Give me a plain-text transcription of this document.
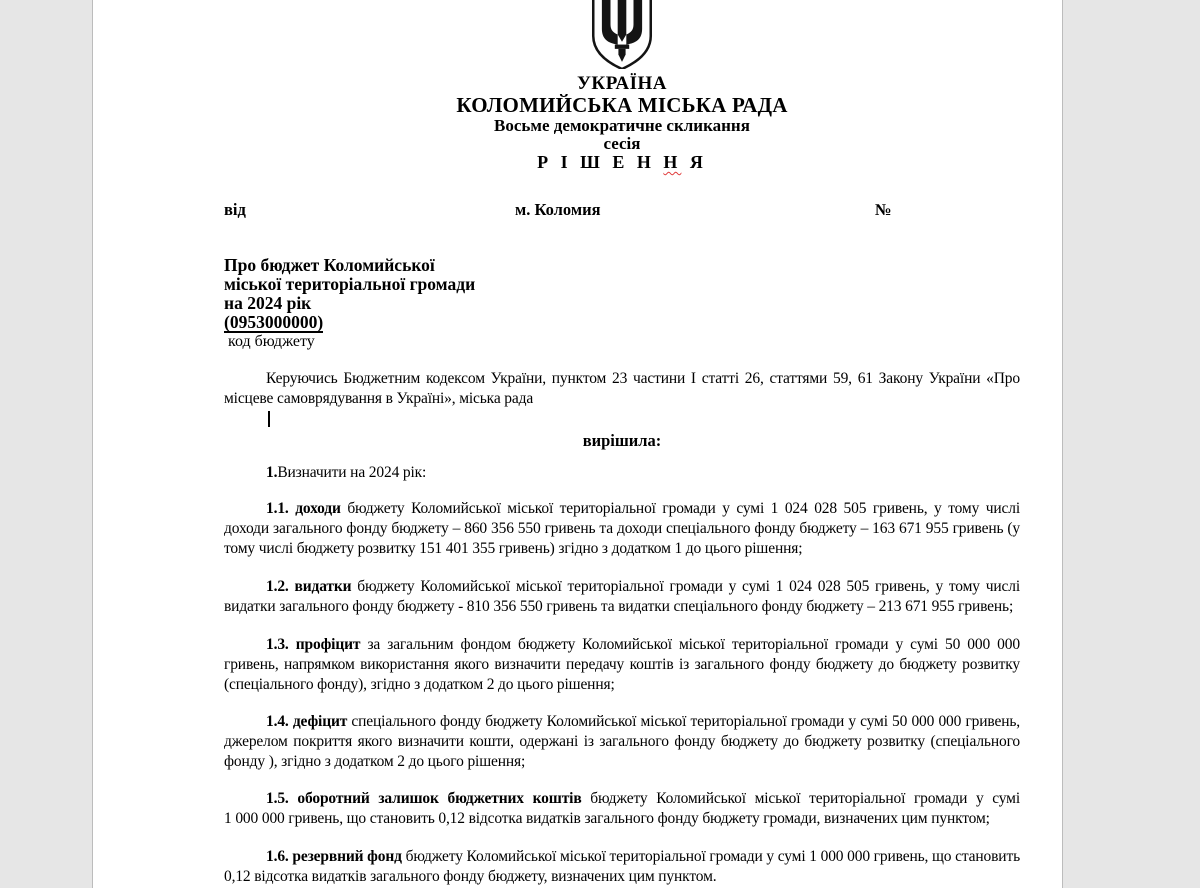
УКРАЇНА
КОЛОМИЙСЬКА МІСЬКА РАДА
Восьме демократичне скликання
сесія
Р І Ш Е Н Н Я
від	м. Коломия	№
Про бюджет Коломийської
міської територіальної громади
на 2024 рік
(0953000000)
код бюджету

Керуючись Бюджетним кодексом України, пунктом 23 частини І статті 26, статтями 59, 61 Закону України «Про місцеве самоврядування в Україні», міська рада

вирішила:

1.Визначити на 2024 рік:

1.1. доходи бюджету Коломийської міської територіальної громади у сумі 1 024 028 505 гривень, у тому числі доходи загального фонду бюджету – 860 356 550 гривень та доходи спеціального фонду бюджету – 163 671 955 гривень (у тому числі бюджету розвитку 151 401 355 гривень) згідно з додатком 1 до цього рішення;

1.2. видатки бюджету Коломийської міської територіальної громади у сумі 1 024 028 505 гривень, у тому числі видатки загального фонду бюджету - 810 356 550 гривень та видатки спеціального фонду бюджету – 213 671 955 гривень;

1.3. профіцит за загальним фондом бюджету Коломийської міської територіальної громади у сумі 50 000 000 гривень, напрямком використання якого визначити передачу коштів із загального фонду бюджету до бюджету розвитку (спеціального фонду), згідно з додатком 2 до цього рішення;

1.4. дефіцит спеціального фонду бюджету Коломийської міської територіальної громади у сумі 50 000 000 гривень, джерелом покриття якого визначити кошти, одержані із загального фонду бюджету до бюджету розвитку (спеціального фонду ), згідно з додатком 2 до цього рішення;

1.5. оборотний залишок бюджетних коштів бюджету Коломийської міської територіальної громади у сумі 1 000 000 гривень, що становить 0,12 відсотка видатків загального фонду бюджету громади, визначених цим пунктом;

1.6. резервний фонд бюджету Коломийської міської територіальної громади у сумі 1 000 000 гривень, що становить 0,12 відсотка видатків загального фонду бюджету, визначених цим пунктом.
